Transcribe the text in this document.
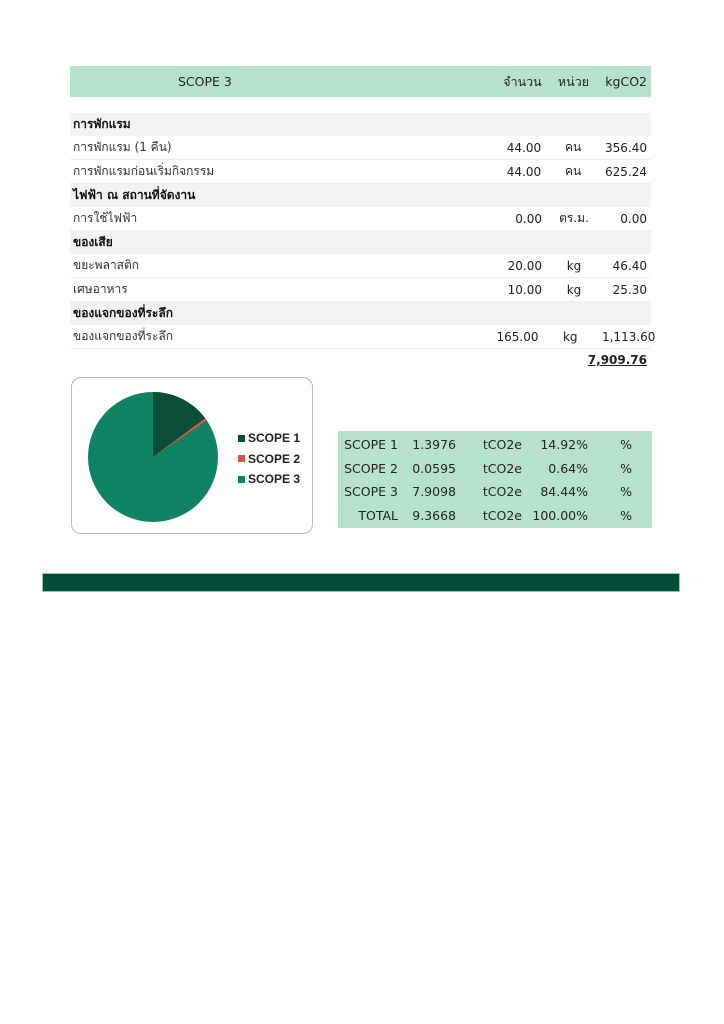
SCOPE 3	จำนวน	หน่วย	kgCO2
การพักแรม
การพักแรม (1 คืน)	44.00	คน	356.40
การพักแรมก่อนเริ่มกิจกรรม	44.00	คน	625.24
ไฟฟ้า ณ สถานที่จัดงาน
การใช้ไฟฟ้า	0.00	ตร.ม.	0.00
ของเสีย
ขยะพลาสติก	20.00	kg	46.40
เศษอาหาร	10.00	kg	25.30
ของแจกของที่ระลึก
ของแจกของที่ระลึก	165.00	kg	1,113.60
7,909.76
SCOPE 1
SCOPE 2
SCOPE 3
SCOPE 1	1.3976	tCO2e	14.92%	%
SCOPE 2	0.0595	tCO2e	0.64%	%
SCOPE 3	7.9098	tCO2e	84.44%	%
TOTAL	9.3668	tCO2e 100.00%	%
